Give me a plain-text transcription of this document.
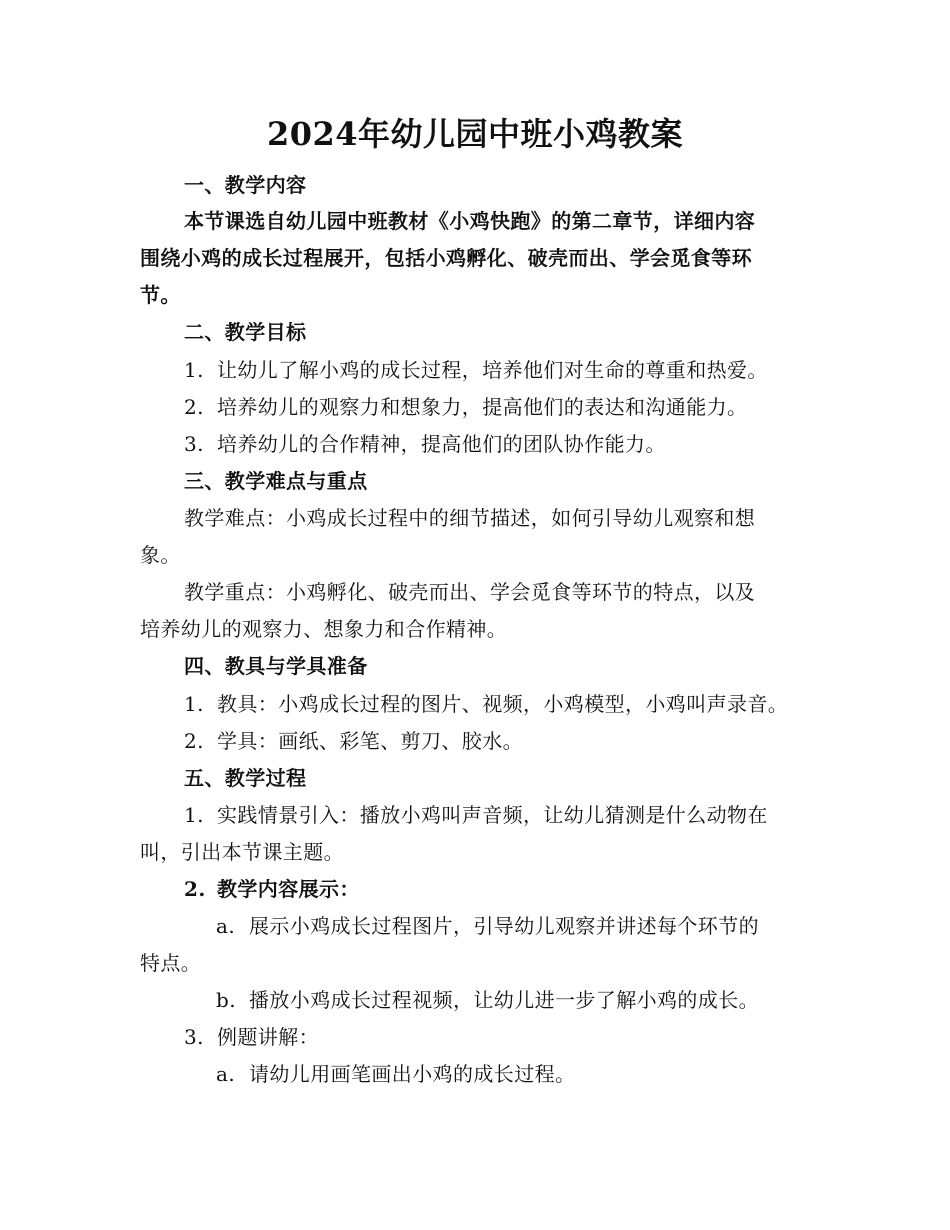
2024年幼儿园中班小鸡教案
一、教学内容
本节课选自幼儿园中班教材《小鸡快跑》的第二章节，详细内容
围绕小鸡的成长过程展开，包括小鸡孵化、破壳而出、学会觅食等环
节。
二、教学目标
1. 让幼儿了解小鸡的成长过程，培养他们对生命的尊重和热爱。
2. 培养幼儿的观察力和想象力，提高他们的表达和沟通能力。
3. 培养幼儿的合作精神，提高他们的团队协作能力。
三、教学难点与重点
教学难点：小鸡成长过程中的细节描述，如何引导幼儿观察和想
象。
教学重点：小鸡孵化、破壳而出、学会觅食等环节的特点，以及
培养幼儿的观察力、想象力和合作精神。
四、教具与学具准备
1. 教具：小鸡成长过程的图片、视频，小鸡模型，小鸡叫声录音。
2. 学具：画纸、彩笔、剪刀、胶水。
五、教学过程
1. 实践情景引入：播放小鸡叫声音频，让幼儿猜测是什么动物在
叫，引出本节课主题。
2. 教学内容展示：
a. 展示小鸡成长过程图片，引导幼儿观察并讲述每个环节的
特点。
b. 播放小鸡成长过程视频，让幼儿进一步了解小鸡的成长。
3. 例题讲解：
a. 请幼儿用画笔画出小鸡的成长过程。
